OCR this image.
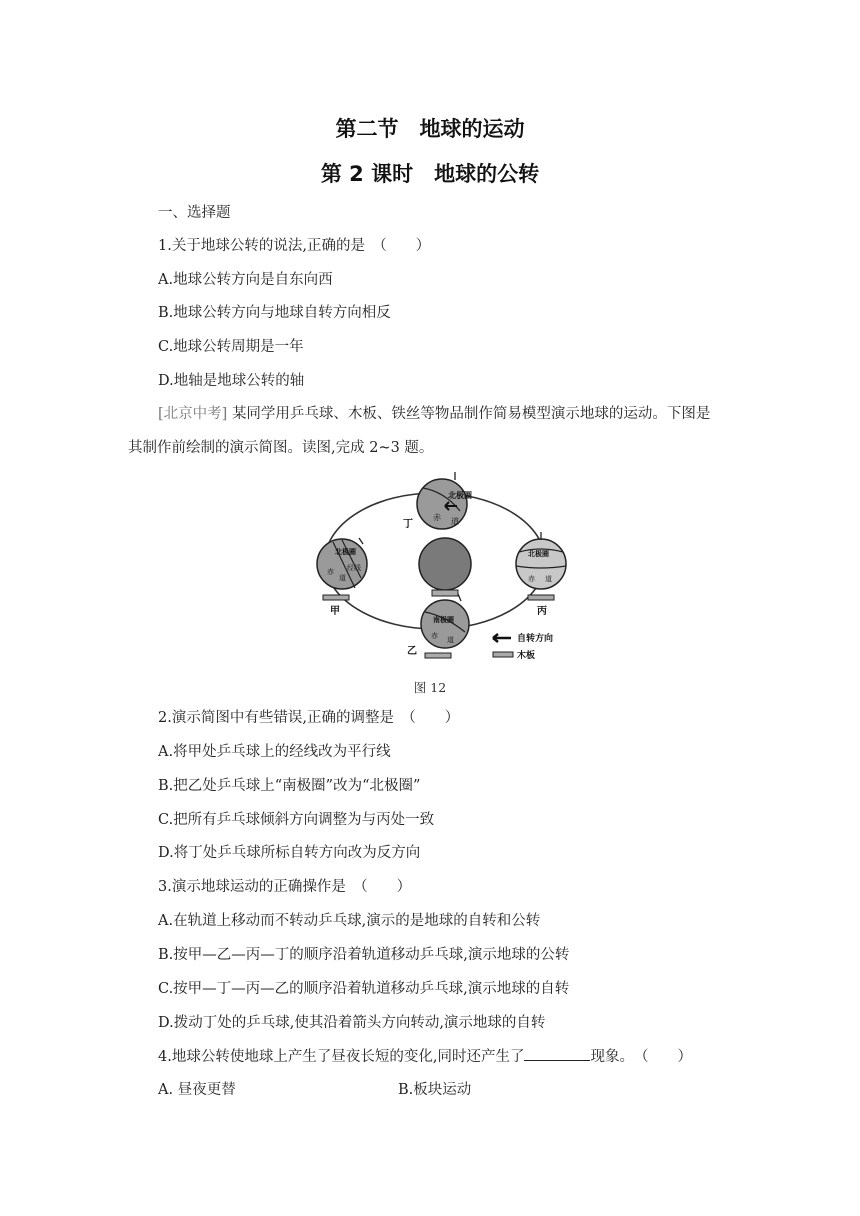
第二节　地球的运动
第 2 课时　地球的公转
一、选择题
1.关于地球公转的说法,正确的是　（　　）
A.地球公转方向是自东向西
B.地球公转方向与地球自转方向相反
C.地球公转周期是一年
D.地轴是地球公转的轴
[北京中考] 某同学用乒乓球、木板、铁丝等物品制作简易模型演示地球的运动。下图是
其制作前绘制的演示简图。读图,完成 2~3 题。
北极圈
赤 道
丁
北极圈
经线
赤
道
甲
北极圈
赤 道
丙
南极圈
赤 道
乙
自转方向
木板
图 12
2.演示简图中有些错误,正确的调整是　（　　）
A.将甲处乒乓球上的经线改为平行线
B.把乙处乒乓球上“南极圈”改为“北极圈”
C.把所有乒乓球倾斜方向调整为与丙处一致
D.将丁处乒乓球所标自转方向改为反方向
3.演示地球运动的正确操作是　（　　）
A.在轨道上移动而不转动乒乓球,演示的是地球的自转和公转
B.按甲—乙—丙—丁的顺序沿着轨道移动乒乓球,演示地球的公转
C.按甲—丁—丙—乙的顺序沿着轨道移动乒乓球,演示地球的自转
D.拨动丁处的乒乓球,使其沿着箭头方向转动,演示地球的自转
4.地球公转使地球上产生了昼夜长短的变化,同时还产生了	现象。　（　　）
A. 昼夜更替	B.板块运动
